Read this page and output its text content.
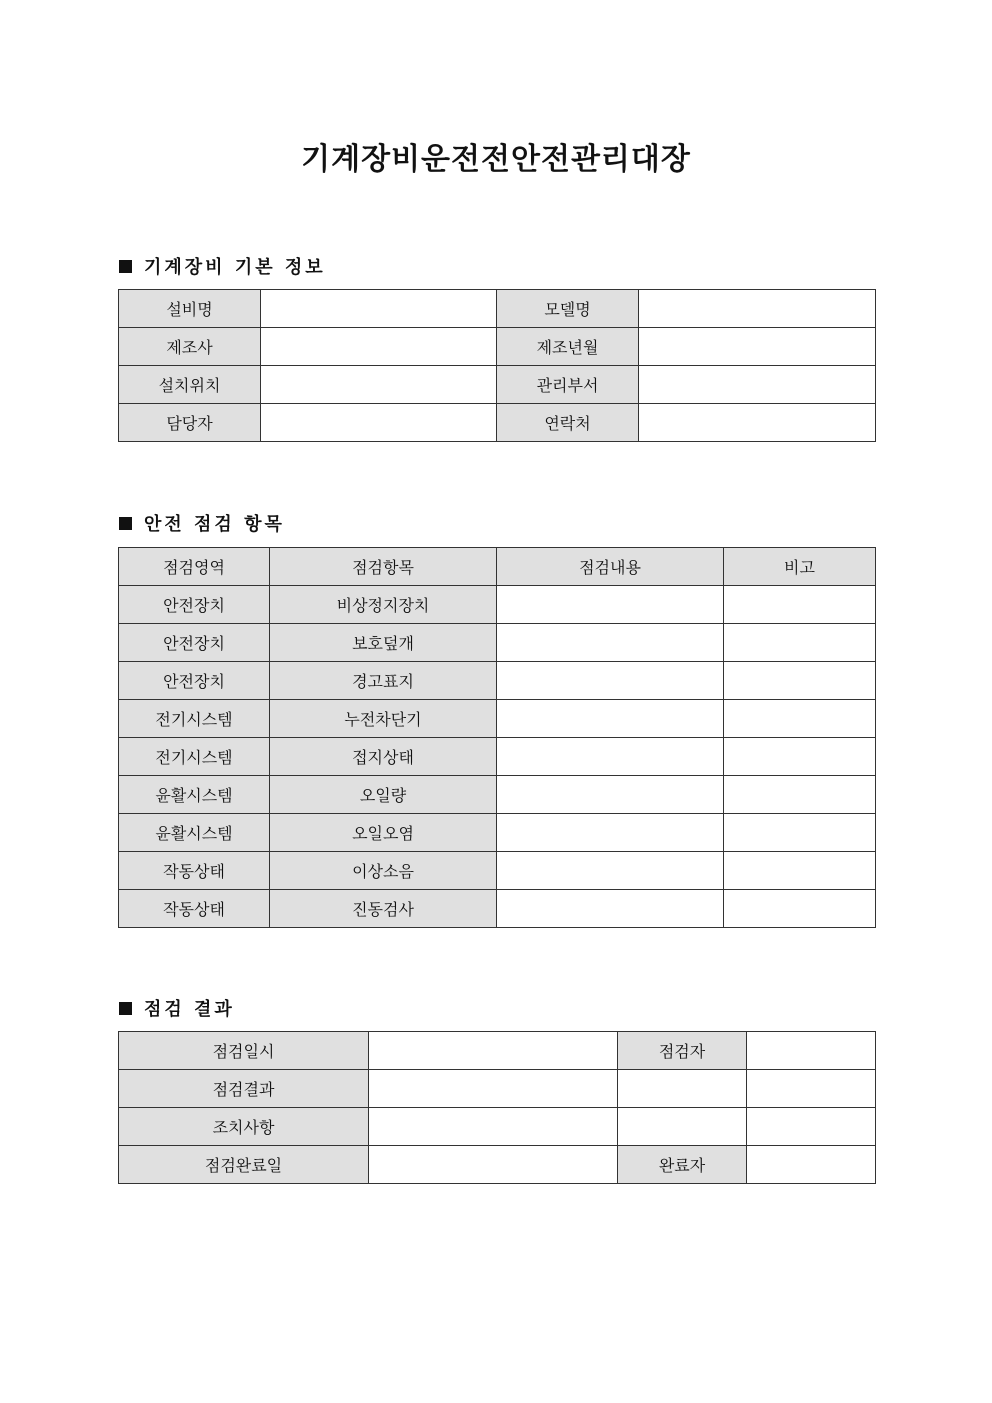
기계장비운전전안전관리대장
기계장비 기본 정보
설비명		모델명	
제조사		제조년월	
설치위치		관리부서	
담당자		연락처	
안전 점검 항목
점검영역	점검항목	점검내용	비고
안전장치	비상정지장치		
안전장치	보호덮개		
안전장치	경고표지		
전기시스템	누전차단기		
전기시스템	접지상태		
윤활시스템	오일량		
윤활시스템	오일오염		
작동상태	이상소음		
작동상태	진동검사		
점검 결과
점검일시		점검자	
점검결과			
조치사항			
점검완료일		완료자	
